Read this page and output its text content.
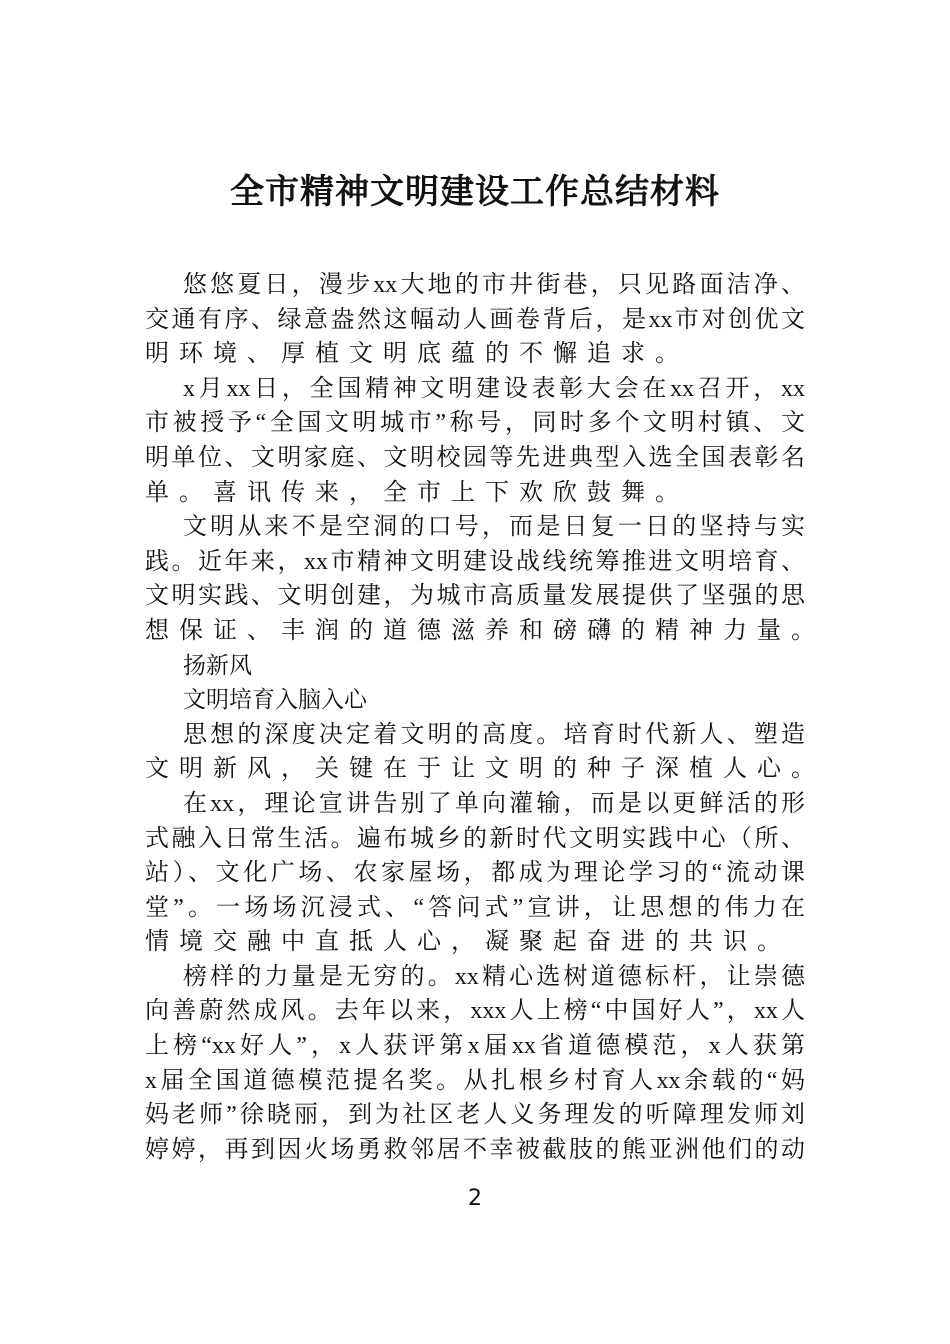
全市精神文明建设工作总结材料
悠悠夏日，漫步xx大地的市井街巷，只见路面洁净、
交通有序、绿意盎然这幅动人画卷背后，是xx市对创优文
明环境、厚植文明底蕴的不懈追求。
x月xx日，全国精神文明建设表彰大会在xx召开，xx
市被授予“全国文明城市”称号，同时多个文明村镇、文
明单位、文明家庭、文明校园等先进典型入选全国表彰名
单。喜讯传来，全市上下欢欣鼓舞。
文明从来不是空洞的口号，而是日复一日的坚持与实
践。近年来，xx市精神文明建设战线统筹推进文明培育、
文明实践、文明创建，为城市高质量发展提供了坚强的思
想保证、丰润的道德滋养和磅礴的精神力量。
扬新风
文明培育入脑入心
思想的深度决定着文明的高度。培育时代新人、塑造
文明新风，关键在于让文明的种子深植人心。
在xx，理论宣讲告别了单向灌输，而是以更鲜活的形
式融入日常生活。遍布城乡的新时代文明实践中心（所、
站）、文化广场、农家屋场，都成为理论学习的“流动课
堂”。一场场沉浸式、“答问式”宣讲，让思想的伟力在
情境交融中直抵人心，凝聚起奋进的共识。
榜样的力量是无穷的。xx精心选树道德标杆，让崇德
向善蔚然成风。去年以来，xxx人上榜“中国好人”，xx人
上榜“xx好人”，x人获评第x届xx省道德模范，x人获第
x届全国道德模范提名奖。从扎根乡村育人xx余载的“妈
妈老师”徐晓丽，到为社区老人义务理发的听障理发师刘
婷婷，再到因火场勇救邻居不幸被截肢的熊亚洲他们的动
2
